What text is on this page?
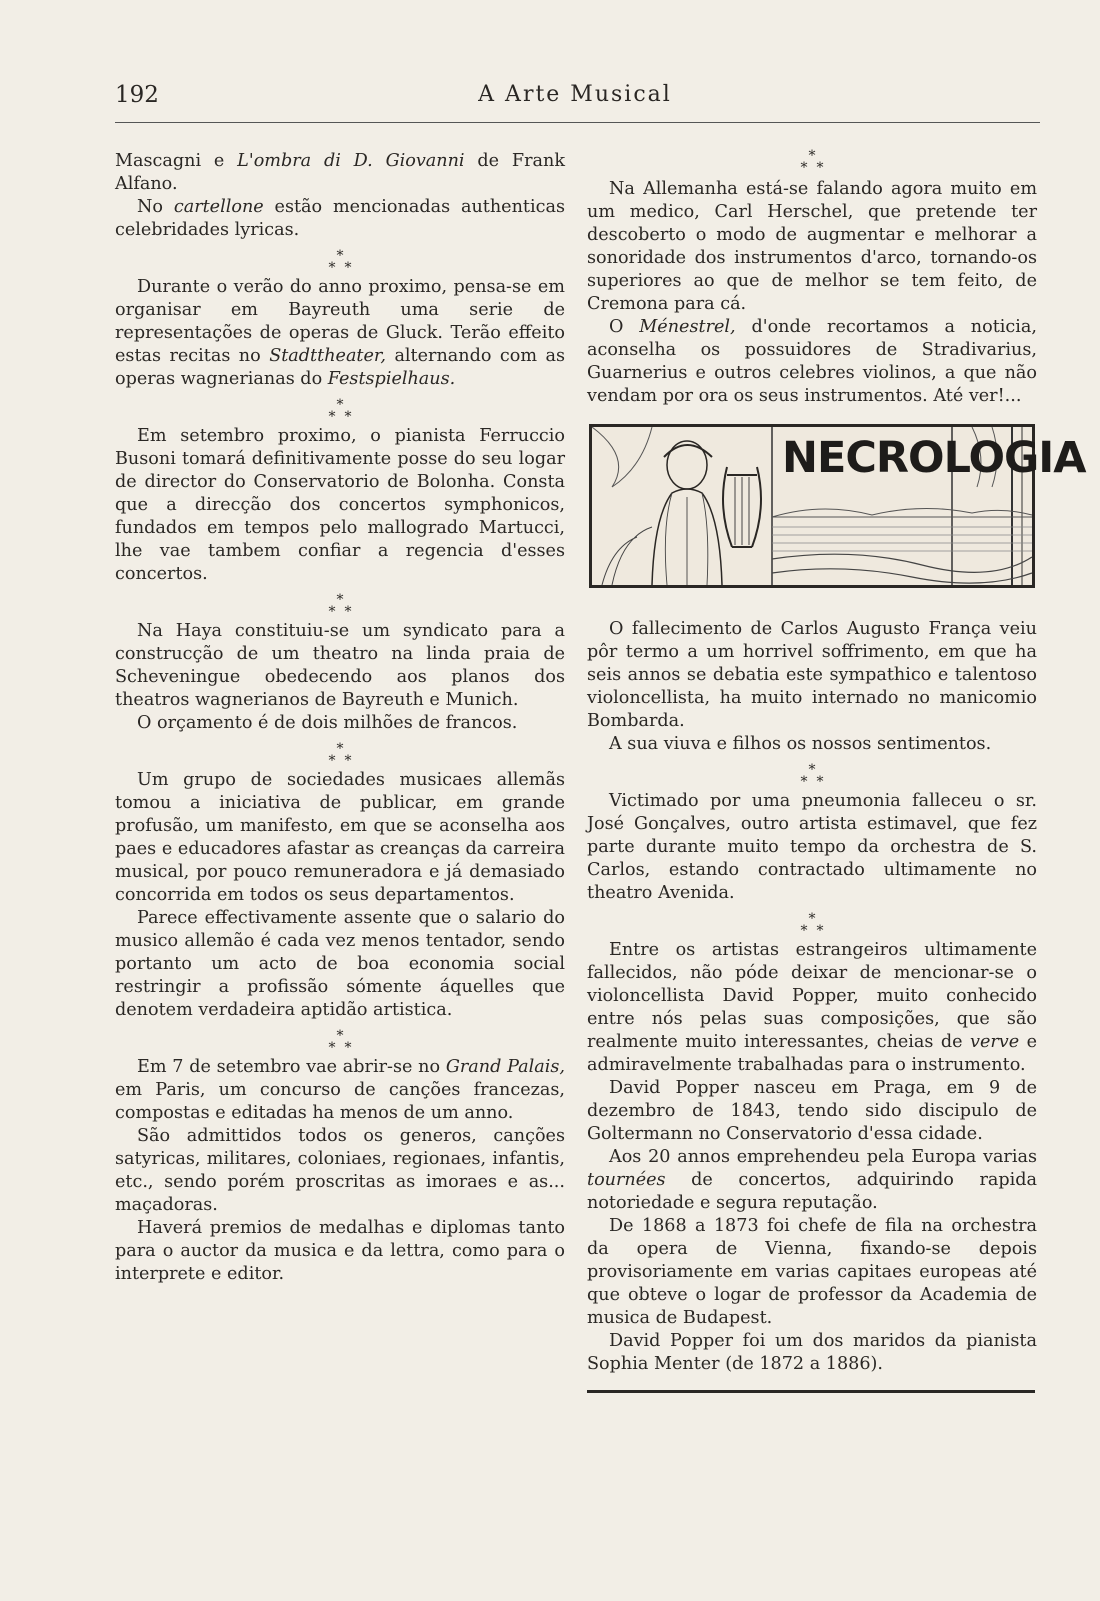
192	A Arte Musical

Mascagni e L'ombra di D. Giovanni de Frank Alfano.

No cartellone estão mencionadas authenticas celebridades lyricas.

*
*  *

Durante o verão do anno proximo, pensa-se em organisar em Bayreuth uma serie de representações de operas de Gluck. Terão effeito estas recitas no Stadttheater, alternando com as operas wagnerianas do Festspielhaus.

*
*  *

Em setembro proximo, o pianista Ferruccio Busoni tomará definitivamente posse do seu logar de director do Conservatorio de Bolonha. Consta que a direcção dos concertos symphonicos, fundados em tempos pelo mallogrado Martucci, lhe vae tambem confiar a regencia d'esses concertos.

*
*  *

Na Haya constituiu-se um syndicato para a construcção de um theatro na linda praia de Scheveningue obedecendo aos planos dos theatros wagnerianos de Bayreuth e Munich.

O orçamento é de dois milhões de francos.

*
*  *

Um grupo de sociedades musicaes allemãs tomou a iniciativa de publicar, em grande profusão, um manifesto, em que se aconselha aos paes e educadores afastar as creanças da carreira musical, por pouco remuneradora e já demasiado concorrida em todos os seus departamentos.

Parece effectivamente assente que o salario do musico allemão é cada vez menos tentador, sendo portanto um acto de boa economia social restringir a profissão sómente áquelles que denotem verdadeira aptidão artistica.

*
*  *

Em 7 de setembro vae abrir-se no Grand Palais, em Paris, um concurso de canções francezas, compostas e editadas ha menos de um anno.

São admittidos todos os generos, canções satyricas, militares, coloniaes, regionaes, infantis, etc., sendo porém proscritas as imoraes e as... maçadoras.

Haverá premios de medalhas e diplomas tanto para o auctor da musica e da lettra, como para o interprete e editor.

*
*  *

Na Allemanha está-se falando agora muito em um medico, Carl Herschel, que pretende ter descoberto o modo de augmentar e melhorar a sonoridade dos instrumentos d'arco, tornando-os superiores ao que de melhor se tem feito, de Cremona para cá.

O Ménestrel, d'onde recortamos a noticia, aconselha os possuidores de Stradivarius, Guarnerius e outros celebres violinos, a que não vendam por ora os seus instrumentos. Até ver!...

NECROLOGIA

O fallecimento de Carlos Augusto França veiu pôr termo a um horrivel soffrimento, em que ha seis annos se debatia este sympathico e talentoso violoncellista, ha muito internado no manicomio Bombarda.

A sua viuva e filhos os nossos sentimentos.

*
*  *

Victimado por uma pneumonia falleceu o sr. José Gonçalves, outro artista estimavel, que fez parte durante muito tempo da orchestra de S. Carlos, estando contractado ultimamente no theatro Avenida.

*
*  *

Entre os artistas estrangeiros ultimamente fallecidos, não póde deixar de mencionar-se o violoncellista David Popper, muito conhecido entre nós pelas suas composições, que são realmente muito interessantes, cheias de verve e admiravelmente trabalhadas para o instrumento.

David Popper nasceu em Praga, em 9 de dezembro de 1843, tendo sido discipulo de Goltermann no Conservatorio d'essa cidade.

Aos 20 annos emprehendeu pela Europa varias tournées de concertos, adquirindo rapida notoriedade e segura reputação.

De 1868 a 1873 foi chefe de fila na orchestra da opera de Vienna, fixando-se depois provisoriamente em varias capitaes europeas até que obteve o logar de professor da Academia de musica de Budapest.

David Popper foi um dos maridos da pianista Sophia Menter (de 1872 a 1886).
